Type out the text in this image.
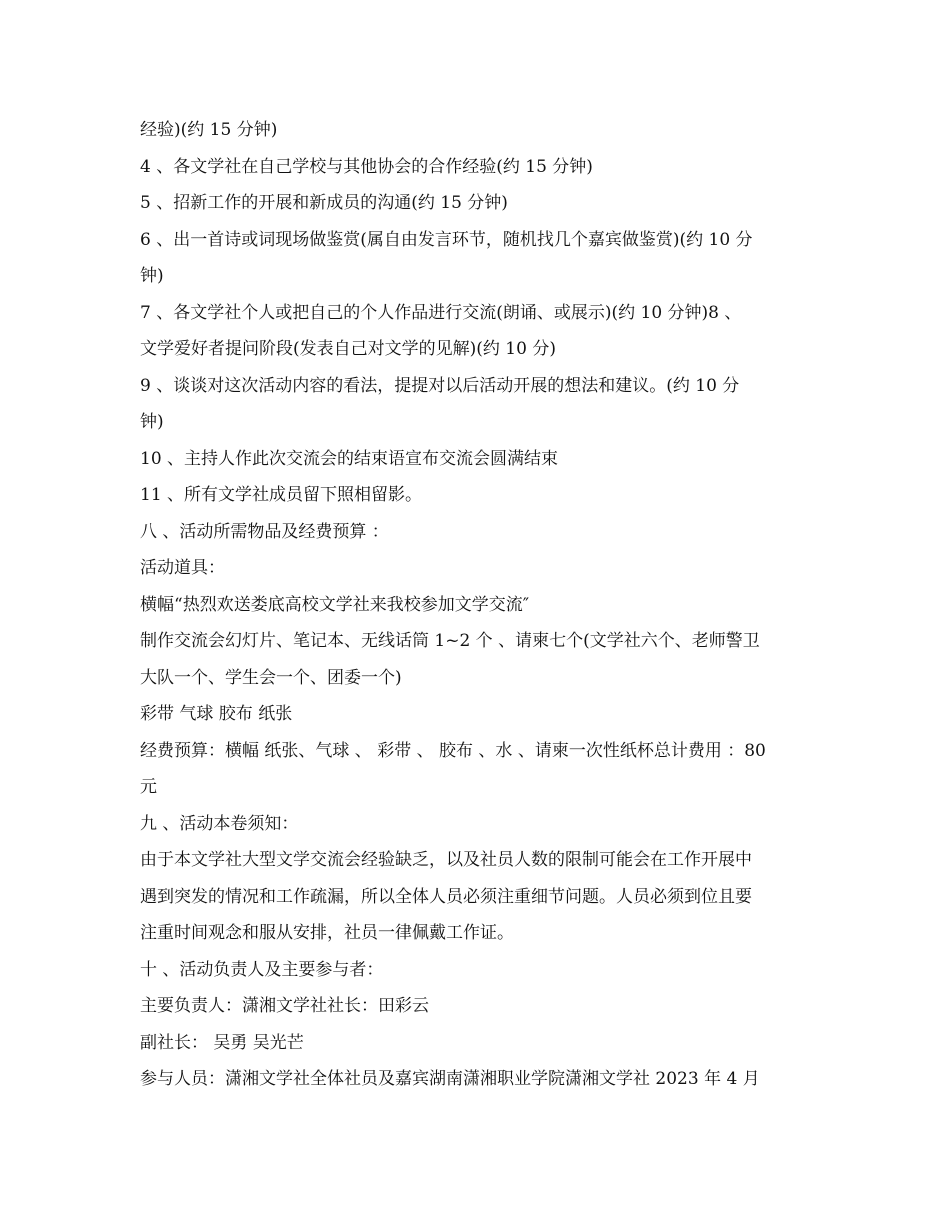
经验)(约 15 分钟)
4 、各文学社在自己学校与其他协会的合作经验(约 15 分钟)
5 、招新工作的开展和新成员的沟通(约 15 分钟)
6 、出一首诗或词现场做鉴赏(属自由发言环节，随机找几个嘉宾做鉴赏)(约 10 分
钟)
7 、各文学社个人或把自己的个人作品进行交流(朗诵、或展示)(约 10 分钟)8 、
文学爱好者提问阶段(发表自己对文学的见解)(约 10 分)
9 、谈谈对这次活动内容的看法，提提对以后活动开展的想法和建议。(约 10 分
钟)
10 、主持人作此次交流会的结束语宣布交流会圆满结束
11 、所有文学社成员留下照相留影。
八 、活动所需物品及经费预算 ：
活动道具：
横幅“热烈欢送娄底高校文学社来我校参加文学交流″
制作交流会幻灯片、笔记本、无线话筒 1~2 个 、请柬七个(文学社六个、老师警卫
大队一个、学生会一个、团委一个)
彩带 气球 胶布 纸张
经费预算：横幅 纸张、气球 、 彩带 、 胶布 、水 、请柬一次性纸杯总计费用 ：80
元
九 、活动本卷须知：
由于本文学社大型文学交流会经验缺乏，以及社员人数的限制可能会在工作开展中
遇到突发的情况和工作疏漏，所以全体人员必须注重细节问题。人员必须到位且要
注重时间观念和服从安排，社员一律佩戴工作证。
十 、活动负责人及主要参与者：
主要负责人：潇湘文学社社长：田彩云
副社长： 吴勇 吴光芒
参与人员：潇湘文学社全体社员及嘉宾湖南潇湘职业学院潇湘文学社 2023 年 4 月
